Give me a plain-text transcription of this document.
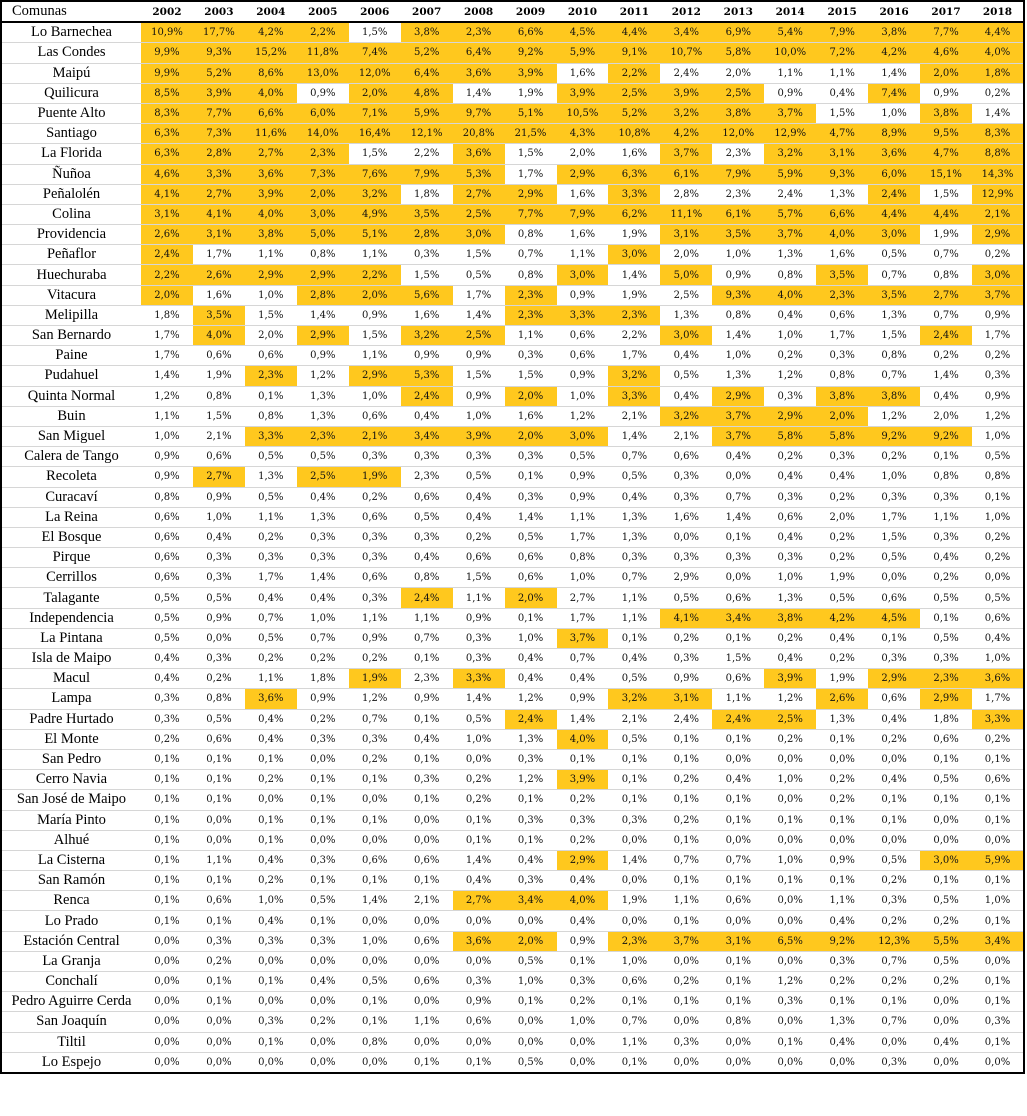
Comunas	2002	2003	2004	2005	2006	2007	2008	2009	2010	2011	2012	2013	2014	2015	2016	2017	2018
Lo Barnechea	10,9%	17,7%	4,2%	2,2%	1,5%	3,8%	2,3%	6,6%	4,5%	4,4%	3,4%	6,9%	5,4%	7,9%	3,8%	7,7%	4,4%
Las Condes	9,9%	9,3%	15,2%	11,8%	7,4%	5,2%	6,4%	9,2%	5,9%	9,1%	10,7%	5,8%	10,0%	7,2%	4,2%	4,6%	4,0%
Maipú	9,9%	5,2%	8,6%	13,0%	12,0%	6,4%	3,6%	3,9%	1,6%	2,2%	2,4%	2,0%	1,1%	1,1%	1,4%	2,0%	1,8%
Quilicura	8,5%	3,9%	4,0%	0,9%	2,0%	4,8%	1,4%	1,9%	3,9%	2,5%	3,9%	2,5%	0,9%	0,4%	7,4%	0,9%	0,2%
Puente Alto	8,3%	7,7%	6,6%	6,0%	7,1%	5,9%	9,7%	5,1%	10,5%	5,2%	3,2%	3,8%	3,7%	1,5%	1,0%	3,8%	1,4%
Santiago	6,3%	7,3%	11,6%	14,0%	16,4%	12,1%	20,8%	21,5%	4,3%	10,8%	4,2%	12,0%	12,9%	4,7%	8,9%	9,5%	8,3%
La Florida	6,3%	2,8%	2,7%	2,3%	1,5%	2,2%	3,6%	1,5%	2,0%	1,6%	3,7%	2,3%	3,2%	3,1%	3,6%	4,7%	8,8%
Ñuñoa	4,6%	3,3%	3,6%	7,3%	7,6%	7,9%	5,3%	1,7%	2,9%	6,3%	6,1%	7,9%	5,9%	9,3%	6,0%	15,1%	14,3%
Peñalolén	4,1%	2,7%	3,9%	2,0%	3,2%	1,8%	2,7%	2,9%	1,6%	3,3%	2,8%	2,3%	2,4%	1,3%	2,4%	1,5%	12,9%
Colina	3,1%	4,1%	4,0%	3,0%	4,9%	3,5%	2,5%	7,7%	7,9%	6,2%	11,1%	6,1%	5,7%	6,6%	4,4%	4,4%	2,1%
Providencia	2,6%	3,1%	3,8%	5,0%	5,1%	2,8%	3,0%	0,8%	1,6%	1,9%	3,1%	3,5%	3,7%	4,0%	3,0%	1,9%	2,9%
Peñaflor	2,4%	1,7%	1,1%	0,8%	1,1%	0,3%	1,5%	0,7%	1,1%	3,0%	2,0%	1,0%	1,3%	1,6%	0,5%	0,7%	0,2%
Huechuraba	2,2%	2,6%	2,9%	2,9%	2,2%	1,5%	0,5%	0,8%	3,0%	1,4%	5,0%	0,9%	0,8%	3,5%	0,7%	0,8%	3,0%
Vitacura	2,0%	1,6%	1,0%	2,8%	2,0%	5,6%	1,7%	2,3%	0,9%	1,9%	2,5%	9,3%	4,0%	2,3%	3,5%	2,7%	3,7%
Melipilla	1,8%	3,5%	1,5%	1,4%	0,9%	1,6%	1,4%	2,3%	3,3%	2,3%	1,3%	0,8%	0,4%	0,6%	1,3%	0,7%	0,9%
San Bernardo	1,7%	4,0%	2,0%	2,9%	1,5%	3,2%	2,5%	1,1%	0,6%	2,2%	3,0%	1,4%	1,0%	1,7%	1,5%	2,4%	1,7%
Paine	1,7%	0,6%	0,6%	0,9%	1,1%	0,9%	0,9%	0,3%	0,6%	1,7%	0,4%	1,0%	0,2%	0,3%	0,8%	0,2%	0,2%
Pudahuel	1,4%	1,9%	2,3%	1,2%	2,9%	5,3%	1,5%	1,5%	0,9%	3,2%	0,5%	1,3%	1,2%	0,8%	0,7%	1,4%	0,3%
Quinta Normal	1,2%	0,8%	0,1%	1,3%	1,0%	2,4%	0,9%	2,0%	1,0%	3,3%	0,4%	2,9%	0,3%	3,8%	3,8%	0,4%	0,9%
Buin	1,1%	1,5%	0,8%	1,3%	0,6%	0,4%	1,0%	1,6%	1,2%	2,1%	3,2%	3,7%	2,9%	2,0%	1,2%	2,0%	1,2%
San Miguel	1,0%	2,1%	3,3%	2,3%	2,1%	3,4%	3,9%	2,0%	3,0%	1,4%	2,1%	3,7%	5,8%	5,8%	9,2%	9,2%	1,0%
Calera de Tango	0,9%	0,6%	0,5%	0,5%	0,3%	0,3%	0,3%	0,3%	0,5%	0,7%	0,6%	0,4%	0,2%	0,3%	0,2%	0,1%	0,5%
Recoleta	0,9%	2,7%	1,3%	2,5%	1,9%	2,3%	0,5%	0,1%	0,9%	0,5%	0,3%	0,0%	0,4%	0,4%	1,0%	0,8%	0,8%
Curacaví	0,8%	0,9%	0,5%	0,4%	0,2%	0,6%	0,4%	0,3%	0,9%	0,4%	0,3%	0,7%	0,3%	0,2%	0,3%	0,3%	0,1%
La Reina	0,6%	1,0%	1,1%	1,3%	0,6%	0,5%	0,4%	1,4%	1,1%	1,3%	1,6%	1,4%	0,6%	2,0%	1,7%	1,1%	1,0%
El Bosque	0,6%	0,4%	0,2%	0,3%	0,3%	0,3%	0,2%	0,5%	1,7%	1,3%	0,0%	0,1%	0,4%	0,2%	1,5%	0,3%	0,2%
Pirque	0,6%	0,3%	0,3%	0,3%	0,3%	0,4%	0,6%	0,6%	0,8%	0,3%	0,3%	0,3%	0,3%	0,2%	0,5%	0,4%	0,2%
Cerrillos	0,6%	0,3%	1,7%	1,4%	0,6%	0,8%	1,5%	0,6%	1,0%	0,7%	2,9%	0,0%	1,0%	1,9%	0,0%	0,2%	0,0%
Talagante	0,5%	0,5%	0,4%	0,4%	0,3%	2,4%	1,1%	2,0%	2,7%	1,1%	0,5%	0,6%	1,3%	0,5%	0,6%	0,5%	0,5%
Independencia	0,5%	0,9%	0,7%	1,0%	1,1%	1,1%	0,9%	0,1%	1,7%	1,1%	4,1%	3,4%	3,8%	4,2%	4,5%	0,1%	0,6%
La Pintana	0,5%	0,0%	0,5%	0,7%	0,9%	0,7%	0,3%	1,0%	3,7%	0,1%	0,2%	0,1%	0,2%	0,4%	0,1%	0,5%	0,4%
Isla de Maipo	0,4%	0,3%	0,2%	0,2%	0,2%	0,1%	0,3%	0,4%	0,7%	0,4%	0,3%	1,5%	0,4%	0,2%	0,3%	0,3%	1,0%
Macul	0,4%	0,2%	1,1%	1,8%	1,9%	2,3%	3,3%	0,4%	0,4%	0,5%	0,9%	0,6%	3,9%	1,9%	2,9%	2,3%	3,6%
Lampa	0,3%	0,8%	3,6%	0,9%	1,2%	0,9%	1,4%	1,2%	0,9%	3,2%	3,1%	1,1%	1,2%	2,6%	0,6%	2,9%	1,7%
Padre Hurtado	0,3%	0,5%	0,4%	0,2%	0,7%	0,1%	0,5%	2,4%	1,4%	2,1%	2,4%	2,4%	2,5%	1,3%	0,4%	1,8%	3,3%
El Monte	0,2%	0,6%	0,4%	0,3%	0,3%	0,4%	1,0%	1,3%	4,0%	0,5%	0,1%	0,1%	0,2%	0,1%	0,2%	0,6%	0,2%
San Pedro	0,1%	0,1%	0,1%	0,0%	0,2%	0,1%	0,0%	0,3%	0,1%	0,1%	0,1%	0,0%	0,0%	0,0%	0,0%	0,1%	0,1%
Cerro Navia	0,1%	0,1%	0,2%	0,1%	0,1%	0,3%	0,2%	1,2%	3,9%	0,1%	0,2%	0,4%	1,0%	0,2%	0,4%	0,5%	0,6%
San José de Maipo	0,1%	0,1%	0,0%	0,1%	0,0%	0,1%	0,2%	0,1%	0,2%	0,1%	0,1%	0,1%	0,0%	0,2%	0,1%	0,1%	0,1%
María Pinto	0,1%	0,0%	0,1%	0,1%	0,1%	0,0%	0,1%	0,3%	0,3%	0,3%	0,2%	0,1%	0,1%	0,1%	0,1%	0,0%	0,1%
Alhué	0,1%	0,0%	0,1%	0,0%	0,0%	0,0%	0,1%	0,1%	0,2%	0,0%	0,1%	0,0%	0,0%	0,0%	0,0%	0,0%	0,0%
La Cisterna	0,1%	1,1%	0,4%	0,3%	0,6%	0,6%	1,4%	0,4%	2,9%	1,4%	0,7%	0,7%	1,0%	0,9%	0,5%	3,0%	5,9%
San Ramón	0,1%	0,1%	0,2%	0,1%	0,1%	0,1%	0,4%	0,3%	0,4%	0,0%	0,1%	0,1%	0,1%	0,1%	0,2%	0,1%	0,1%
Renca	0,1%	0,6%	1,0%	0,5%	1,4%	2,1%	2,7%	3,4%	4,0%	1,9%	1,1%	0,6%	0,0%	1,1%	0,3%	0,5%	1,0%
Lo Prado	0,1%	0,1%	0,4%	0,1%	0,0%	0,0%	0,0%	0,0%	0,4%	0,0%	0,1%	0,0%	0,0%	0,4%	0,2%	0,2%	0,1%
Estación Central	0,0%	0,3%	0,3%	0,3%	1,0%	0,6%	3,6%	2,0%	0,9%	2,3%	3,7%	3,1%	6,5%	9,2%	12,3%	5,5%	3,4%
La Granja	0,0%	0,2%	0,0%	0,0%	0,0%	0,0%	0,0%	0,5%	0,1%	1,0%	0,0%	0,1%	0,0%	0,3%	0,7%	0,5%	0,0%
Conchalí	0,0%	0,1%	0,1%	0,4%	0,5%	0,6%	0,3%	1,0%	0,3%	0,6%	0,2%	0,1%	1,2%	0,2%	0,2%	0,2%	0,1%
Pedro Aguirre Cerda	0,0%	0,1%	0,0%	0,0%	0,1%	0,0%	0,9%	0,1%	0,2%	0,1%	0,1%	0,1%	0,3%	0,1%	0,1%	0,0%	0,1%
San Joaquín	0,0%	0,0%	0,3%	0,2%	0,1%	1,1%	0,6%	0,0%	1,0%	0,7%	0,0%	0,8%	0,0%	1,3%	0,7%	0,0%	0,3%
Tiltil	0,0%	0,0%	0,1%	0,0%	0,8%	0,0%	0,0%	0,0%	0,0%	1,1%	0,3%	0,0%	0,1%	0,4%	0,0%	0,4%	0,1%
Lo Espejo	0,0%	0,0%	0,0%	0,0%	0,0%	0,1%	0,1%	0,5%	0,0%	0,1%	0,0%	0,0%	0,0%	0,0%	0,3%	0,0%	0,0%
